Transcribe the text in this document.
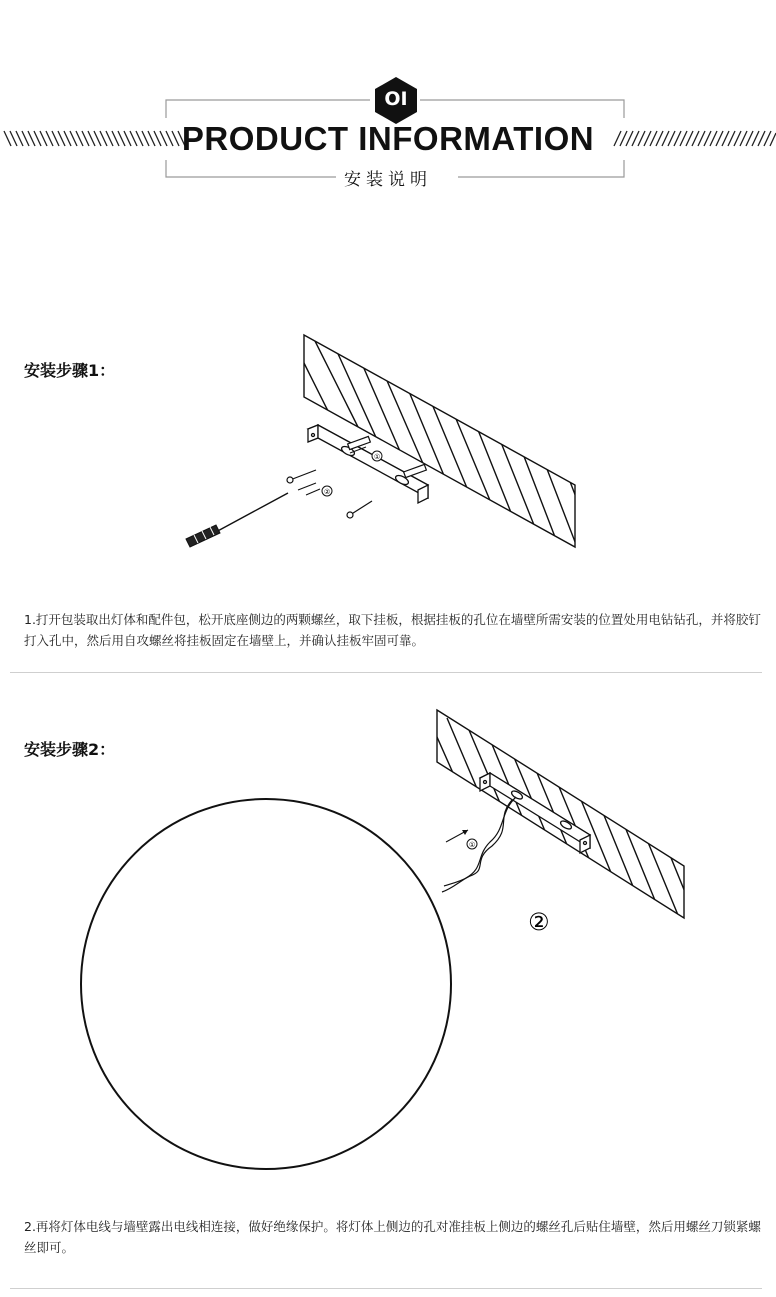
OI
PRODUCT INFORMATION
安装说明
安装步骤1：
①
②
1.打开包装取出灯体和配件包，松开底座侧边的两颗螺丝，取下挂板，根据挂板的孔位在墙壁所需安装的位置处用电钻钻孔，并将胶钉打入孔中，然后用自攻螺丝将挂板固定在墙壁上，并确认挂板牢固可靠。
安装步骤2：
①
②
2.再将灯体电线与墙壁露出电线相连接，做好绝缘保护。将灯体上侧边的孔对准挂板上侧边的螺丝孔后贴住墙壁，然后用螺丝刀锁紧螺丝即可。
